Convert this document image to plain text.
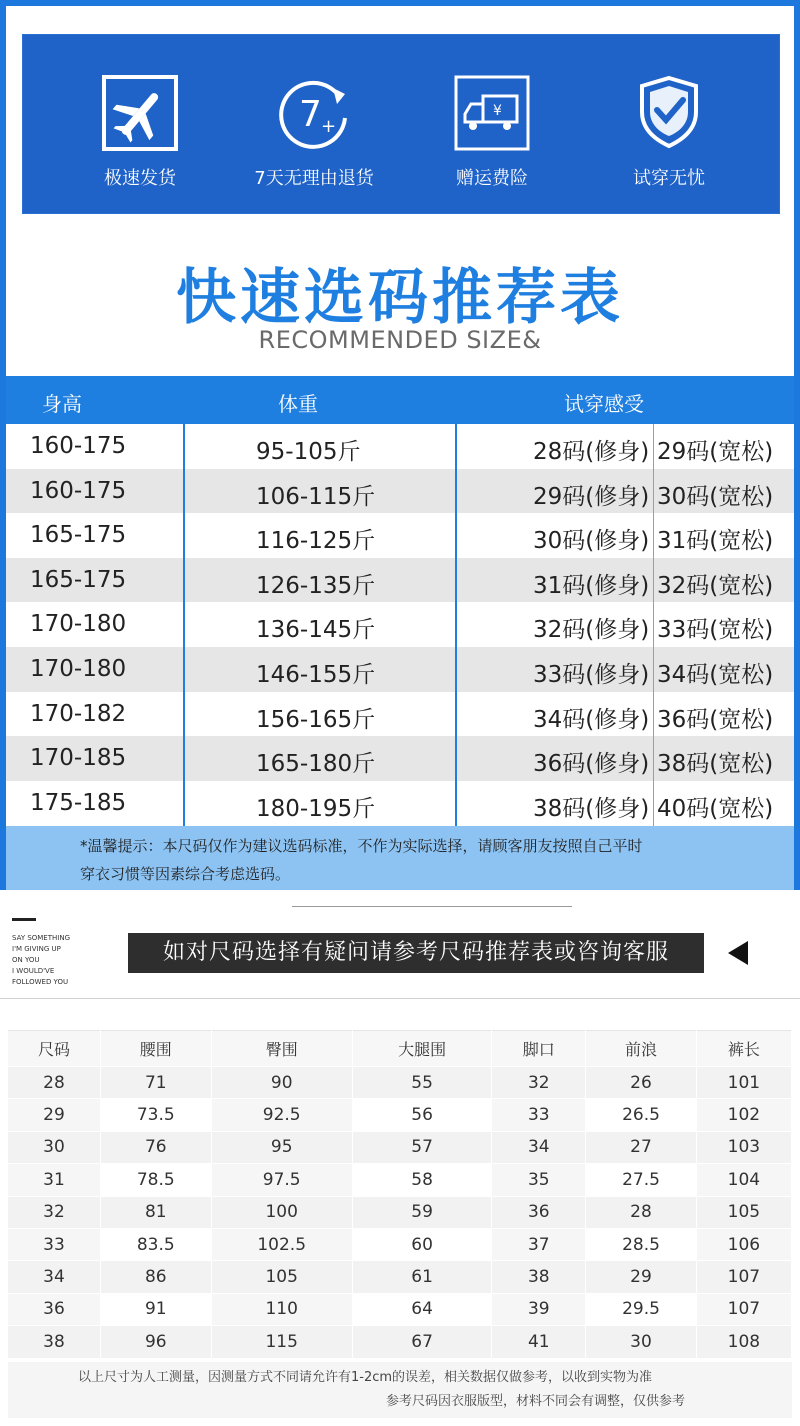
极速发货
7 +
7天无理由退货
¥
赠运费险	试穿无忧
快速选码推荐表
RECOMMENDED SIZE&
身高	体重	试穿感受
160-175	95-105斤	28码(修身) 29码(宽松)
160-175	106-115斤	29码(修身) 30码(宽松)
165-175	116-125斤	30码(修身) 31码(宽松)
165-175	126-135斤	31码(修身) 32码(宽松)
170-180	136-145斤	32码(修身) 33码(宽松)
170-180	146-155斤	33码(修身) 34码(宽松)
170-182	156-165斤	34码(修身) 36码(宽松)
170-185	165-180斤	36码(修身) 38码(宽松)
175-185	180-195斤	38码(修身) 40码(宽松)
*温馨提示：本尺码仅作为建议选码标准，不作为实际选择，请顾客朋友按照自己平时
穿衣习惯等因素综合考虑选码。
SAY SOMETHING
I'M GIVING UP
ON YOU
I WOULD'VE
FOLLOWED YOU
如对尺码选择有疑问请参考尺码推荐表或咨询客服
尺码	腰围	臀围	大腿围	脚口	前浪	裤长
28	71	90	55	32	26	101
29	73.5	92.5	56	33	26.5	102
30	76	95	57	34	27	103
31	78.5	97.5	58	35	27.5	104
32	81	100	59	36	28	105
33	83.5	102.5	60	37	28.5	106
34	86	105	61	38	29	107
36	91	110	64	39	29.5	107
38	96	115	67	41	30	108
以上尺寸为人工测量，因测量方式不同请允许有1-2cm的误差，相关数据仅做参考，以收到实物为准
参考尺码因衣服版型，材料不同会有调整，仅供参考
